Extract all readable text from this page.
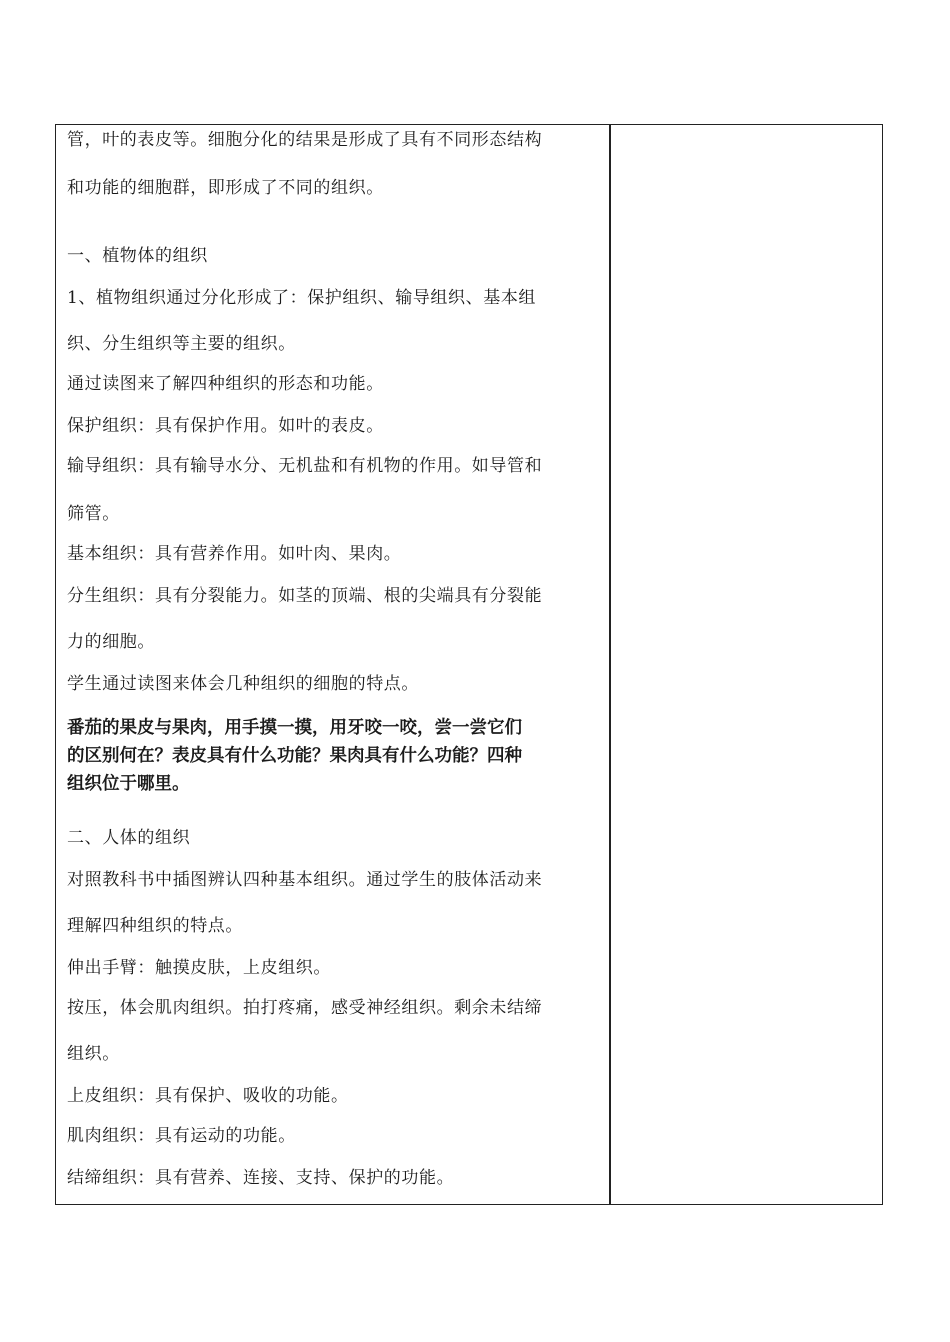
管，叶的表皮等。细胞分化的结果是形成了具有不同形态结构
和功能的细胞群，即形成了不同的组织。
一、植物体的组织
1、植物组织通过分化形成了：保护组织、输导组织、基本组
织、分生组织等主要的组织。
通过读图来了解四种组织的形态和功能。
保护组织：具有保护作用。如叶的表皮。
输导组织：具有输导水分、无机盐和有机物的作用。如导管和
筛管。
基本组织：具有营养作用。如叶肉、果肉。
分生组织：具有分裂能力。如茎的顶端、根的尖端具有分裂能
力的细胞。
学生通过读图来体会几种组织的细胞的特点。
番茄的果皮与果肉，用手摸一摸，用牙咬一咬，尝一尝它们
的区别何在？表皮具有什么功能？果肉具有什么功能？四种
组织位于哪里。
二、人体的组织
对照教科书中插图辨认四种基本组织。通过学生的肢体活动来
理解四种组织的特点。
伸出手臂：触摸皮肤，上皮组织。
按压，体会肌肉组织。拍打疼痛，感受神经组织。剩余未结缔
组织。
上皮组织：具有保护、吸收的功能。
肌肉组织：具有运动的功能。
结缔组织：具有营养、连接、支持、保护的功能。
